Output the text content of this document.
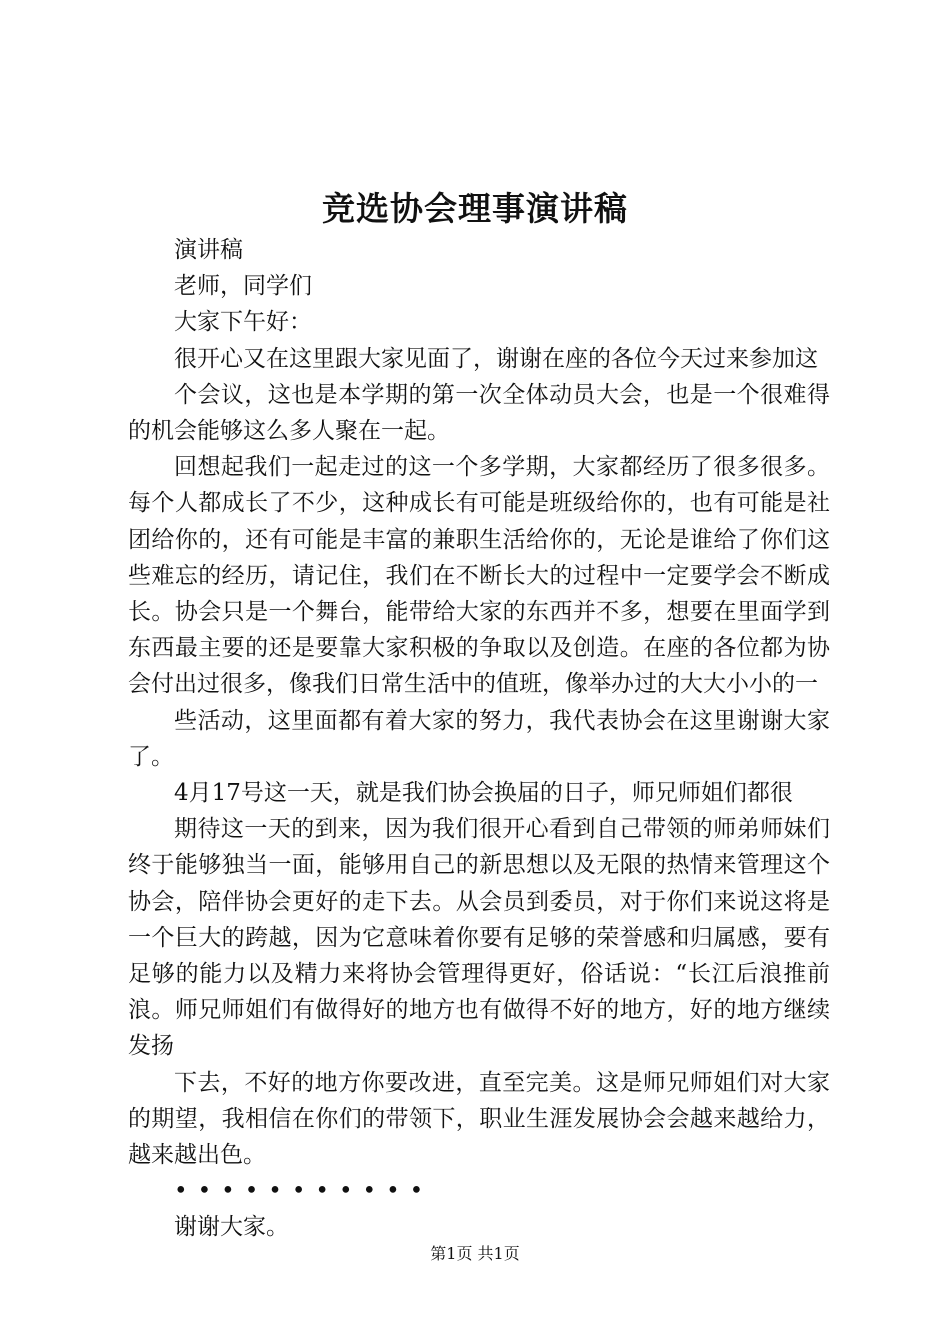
竞选协会理事演讲稿

演讲稿

老师，同学们

大家下午好：

很开心又在这里跟大家见面了，谢谢在座的各位今天过来参加这

个会议，这也是本学期的第一次全体动员大会，也是一个很难得的机会能够这么多人聚在一起。

回想起我们一起走过的这一个多学期，大家都经历了很多很多。每个人都成长了不少，这种成长有可能是班级给你的，也有可能是社团给你的，还有可能是丰富的兼职生活给你的，无论是谁给了你们这些难忘的经历，请记住，我们在不断长大的过程中一定要学会不断成长。协会只是一个舞台，能带给大家的东西并不多，想要在里面学到东西最主要的还是要靠大家积极的争取以及创造。在座的各位都为协会付出过很多，像我们日常生活中的值班，像举办过的大大小小的一

些活动，这里面都有着大家的努力，我代表协会在这里谢谢大家了。

4月17号这一天，就是我们协会换届的日子，师兄师姐们都很

期待这一天的到来，因为我们很开心看到自己带领的师弟师妹们终于能够独当一面，能够用自己的新思想以及无限的热情来管理这个协会，陪伴协会更好的走下去。从会员到委员，对于你们来说这将是一个巨大的跨越，因为它意味着你要有足够的荣誉感和归属感，要有足够的能力以及精力来将协会管理得更好，俗话说：“长江后浪推前浪。师兄师姐们有做得好的地方也有做得不好的地方，好的地方继续发扬

下去，不好的地方你要改进，直至完美。这是师兄师姐们对大家的期望，我相信在你们的带领下，职业生涯发展协会会越来越给力，越来越出色。

•••••••••••

谢谢大家。

第1页 共1页
